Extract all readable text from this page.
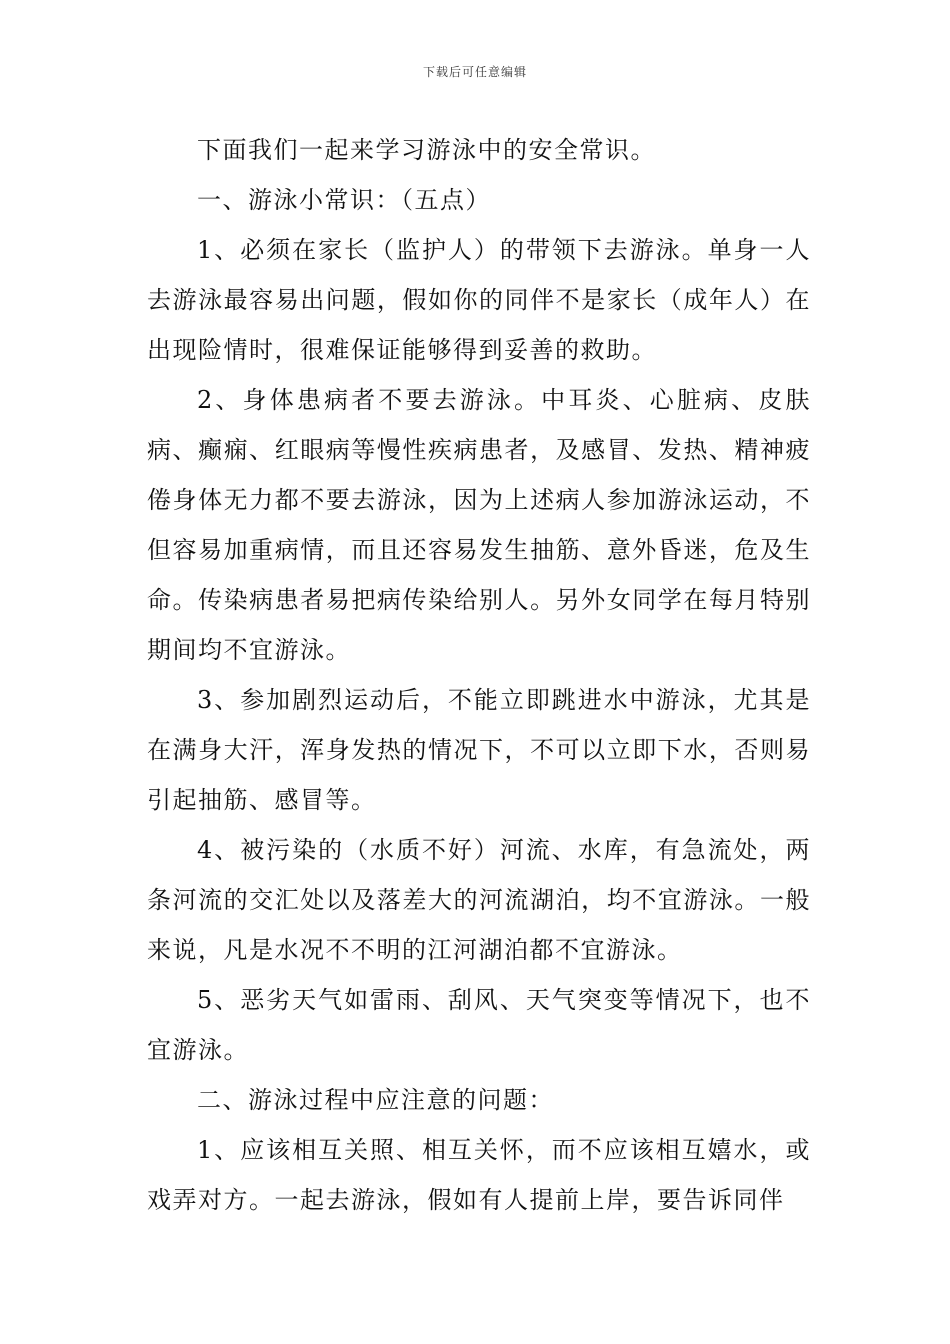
下载后可任意编辑

下面我们一起来学习游泳中的安全常识。

一、游泳小常识：（五点）

1、必须在家长（监护人）的带领下去游泳。单身一人去游泳最容易出问题，假如你的同伴不是家长（成年人）在出现险情时，很难保证能够得到妥善的救助。

2、身体患病者不要去游泳。中耳炎、心脏病、皮肤病、癫痫、红眼病等慢性疾病患者，及感冒、发热、精神疲倦身体无力都不要去游泳，因为上述病人参加游泳运动，不但容易加重病情，而且还容易发生抽筋、意外昏迷，危及生命。传染病患者易把病传染给别人。另外女同学在每月特别期间均不宜游泳。

3、参加剧烈运动后，不能立即跳进水中游泳，尤其是在满身大汗，浑身发热的情况下，不可以立即下水，否则易引起抽筋、感冒等。

4、被污染的（水质不好）河流、水库，有急流处，两条河流的交汇处以及落差大的河流湖泊，均不宜游泳。一般来说，凡是水况不不明的江河湖泊都不宜游泳。

5、恶劣天气如雷雨、刮风、天气突变等情况下，也不宜游泳。

二、游泳过程中应注意的问题：

1、应该相互关照、相互关怀，而不应该相互嬉水，或戏弄对方。一起去游泳，假如有人提前上岸，要告诉同伴
